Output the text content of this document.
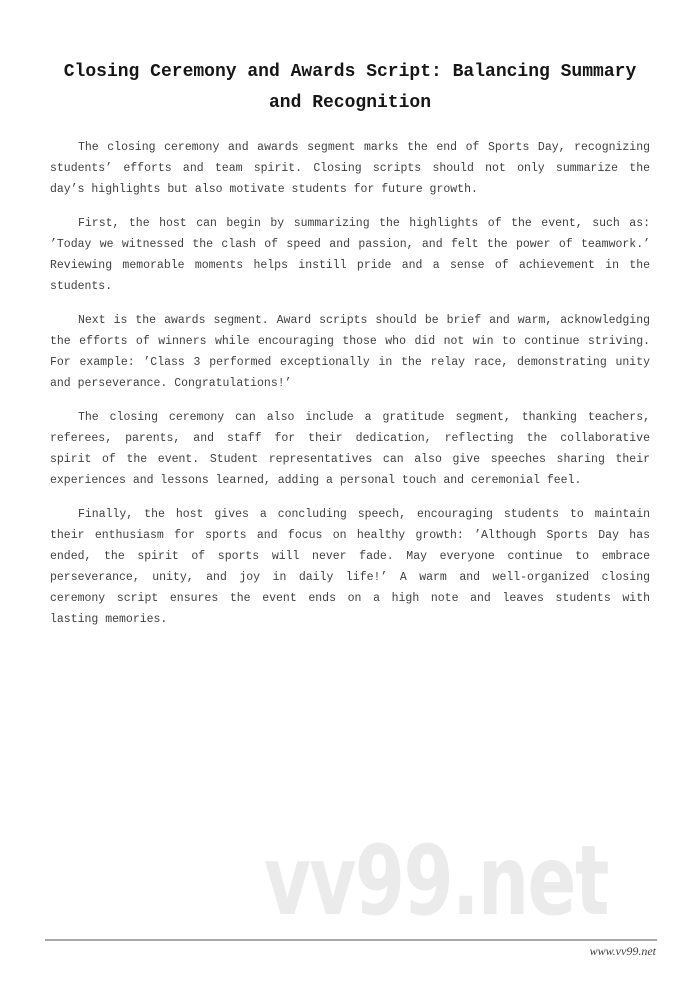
Closing Ceremony and Awards Script: Balancing Summary and Recognition
The closing ceremony and awards segment marks the end of Sports Day, recognizing
students’ efforts and team spirit. Closing scripts should not only summarize the
day’s highlights but also motivate students for future growth.
First, the host can begin by summarizing the highlights of the event, such as:
’Today we witnessed the clash of speed and passion, and felt the power of teamwork.’
Reviewing memorable moments helps instill pride and a sense of achievement in the
students.
Next is the awards segment. Award scripts should be brief and warm, acknowledging
the efforts of winners while encouraging those who did not win to continue striving.
For example: ’Class 3 performed exceptionally in the relay race, demonstrating unity
and perseverance. Congratulations!’
The closing ceremony can also include a gratitude segment, thanking teachers,
referees, parents, and staff for their dedication, reflecting the collaborative
spirit of the event. Student representatives can also give speeches sharing their
experiences and lessons learned, adding a personal touch and ceremonial feel.
Finally, the host gives a concluding speech, encouraging students to maintain
their enthusiasm for sports and focus on healthy growth: ’Although Sports Day has
ended, the spirit of sports will never fade. May everyone continue to embrace
perseverance, unity, and joy in daily life!’ A warm and well-organized closing
ceremony script ensures the event ends on a high note and leaves students with
lasting memories.
vv99.net
www.vv99.net
